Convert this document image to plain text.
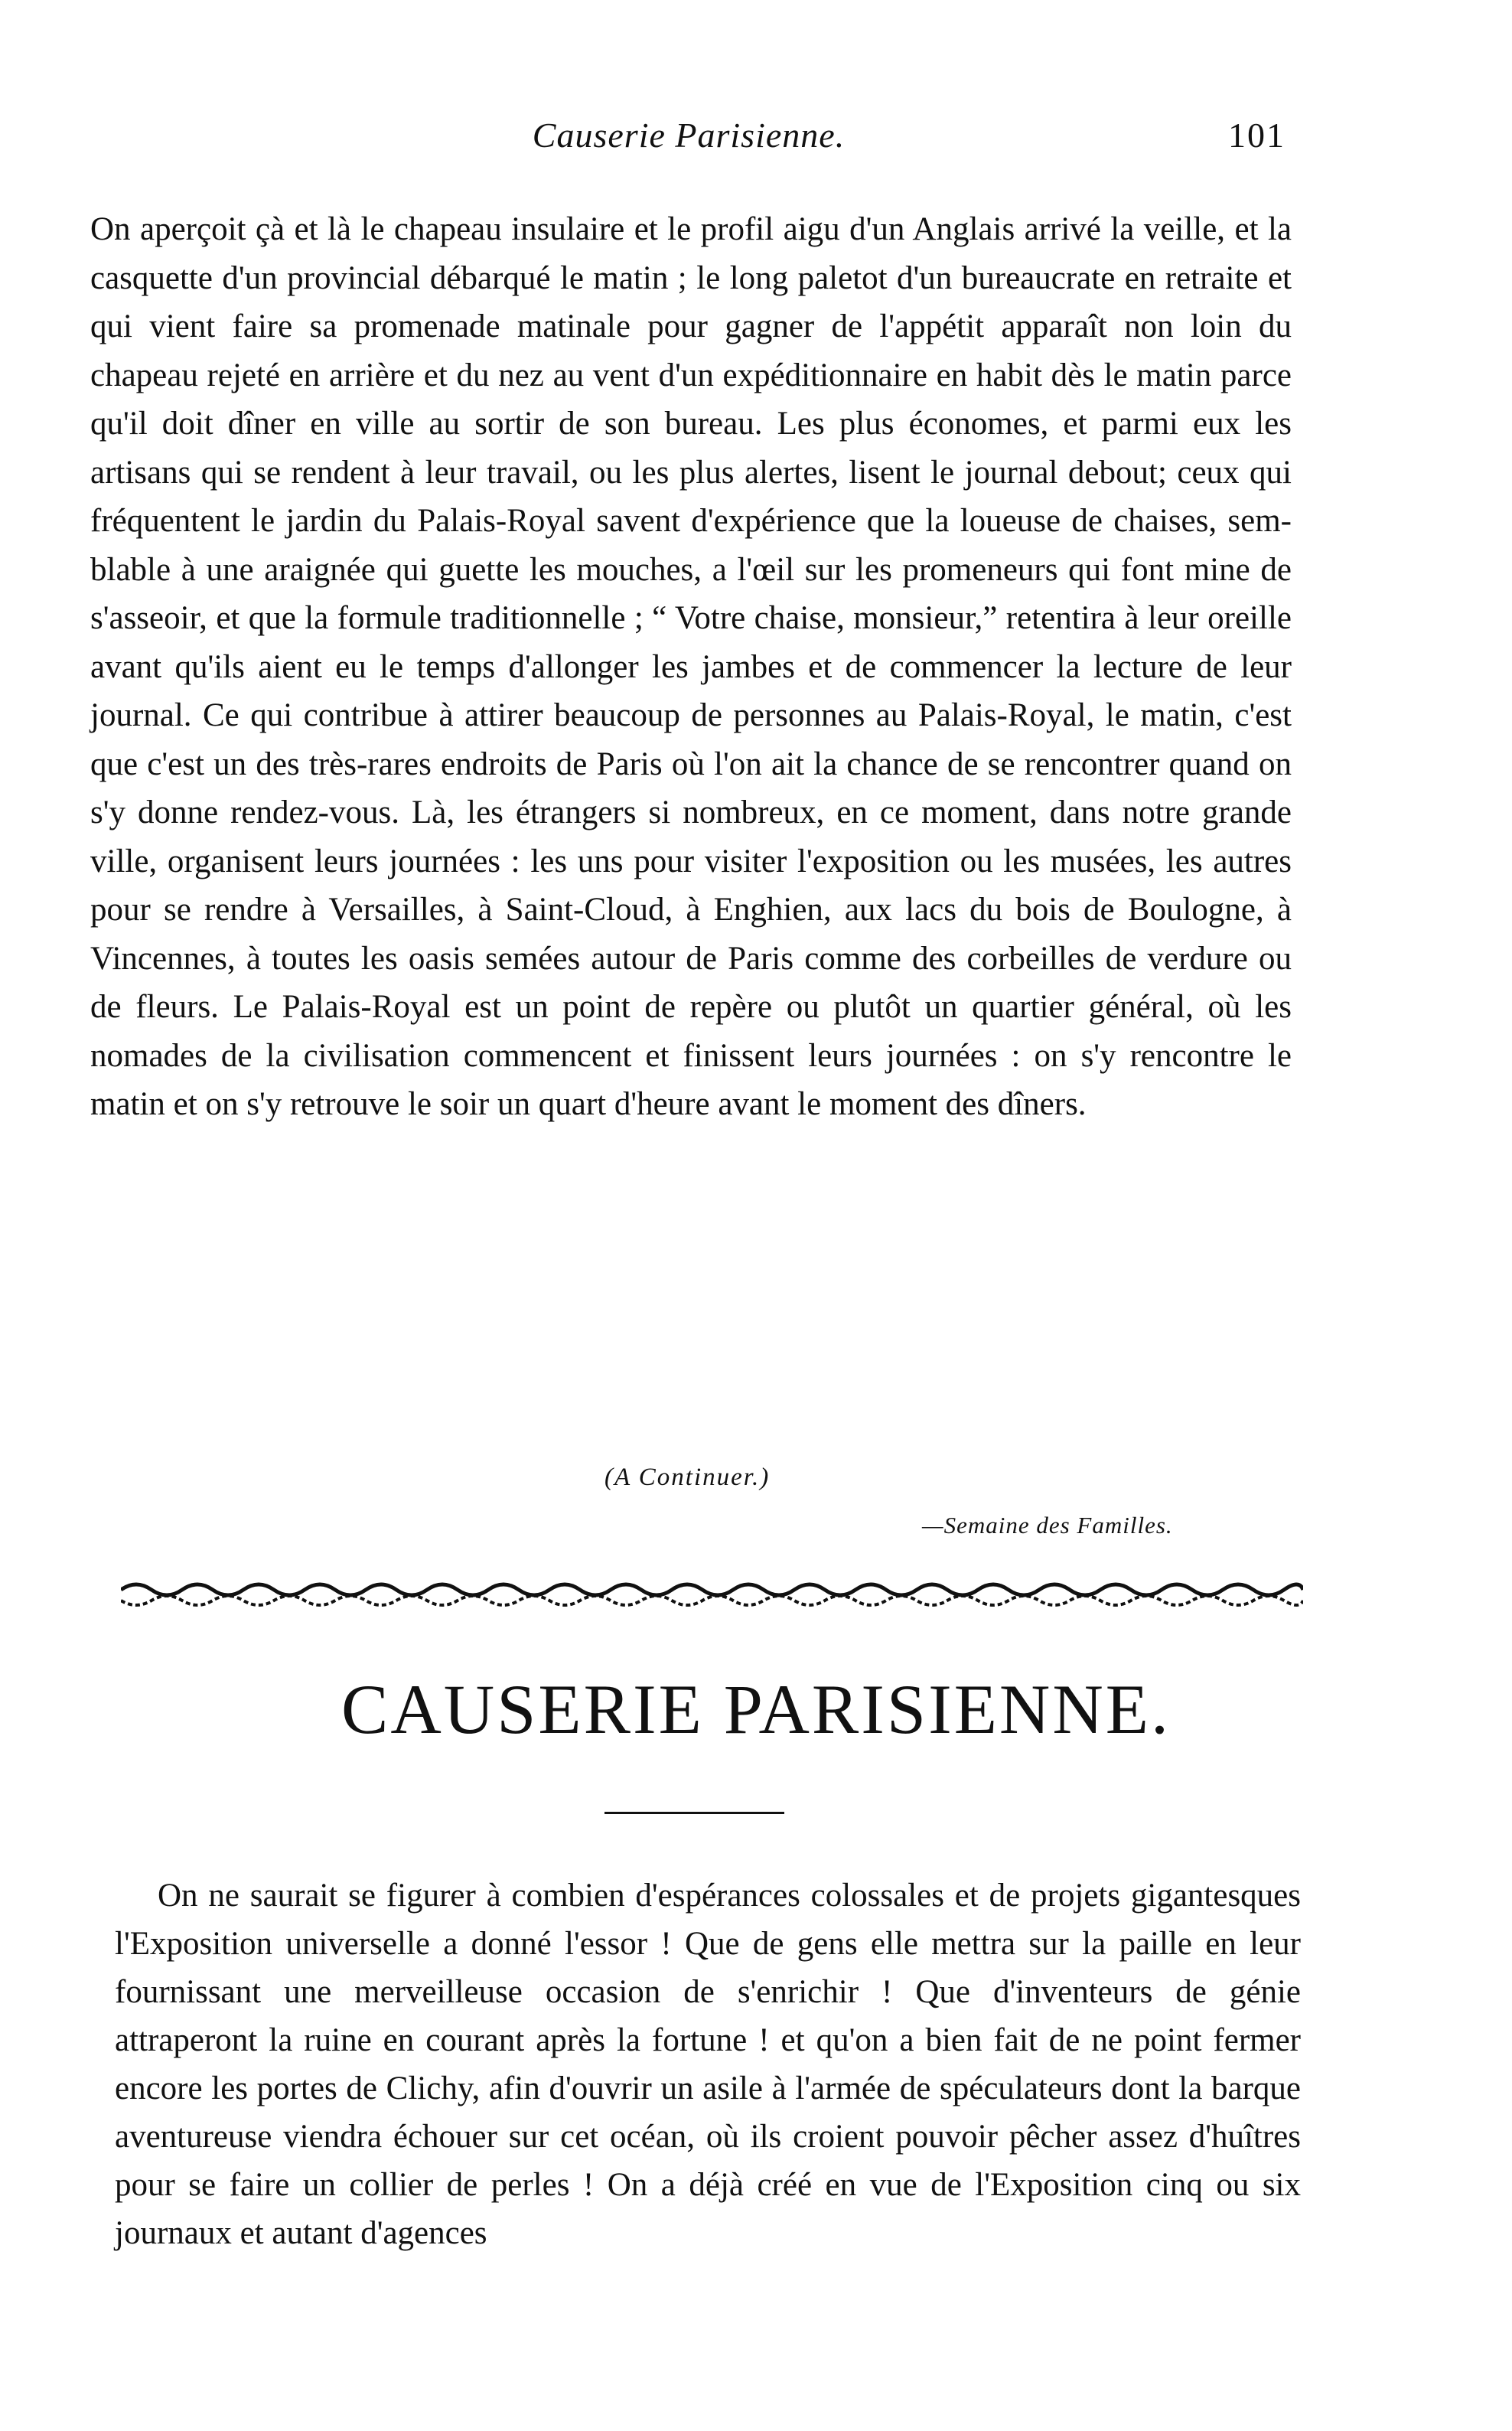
Causerie Parisienne.	101

On aperçoit çà et là le chapeau insulaire et le profil aigu d'un Anglais arrivé la veille, et la casquette d'un provincial débarqué le matin ; le long paletot d'un bureaucrate en retraite et qui vient faire sa promenade matinale pour gagner de l'appétit apparaît non loin du chapeau rejeté en arrière et du nez au vent d'un expéditionnaire en habit dès le matin parce qu'il doit dîner en ville au sortir de son bureau. Les plus économes, et parmi eux les artisans qui se rendent à leur travail, ou les plus alertes, lisent le journal debout; ceux qui fréquentent le jardin du Palais-Royal savent d'expérience que la loueuse de chaises, semblable à une araignée qui guette les mouches, a l'œil sur les promeneurs qui font mine de s'asseoir, et que la formule traditionnelle ; “ Votre chaise, monsieur,” retentira à leur oreille avant qu'ils aient eu le temps d'allonger les jambes et de commencer la lecture de leur journal. Ce qui contribue à attirer beaucoup de personnes au Palais-Royal, le matin, c'est que c'est un des très-rares endroits de Paris où l'on ait la chance de se rencontrer quand on s'y donne rendez-vous. Là, les étrangers si nombreux, en ce moment, dans notre grande ville, organisent leurs journées : les uns pour visiter l'exposition ou les musées, les autres pour se rendre à Versailles, à Saint-Cloud, à Enghien, aux lacs du bois de Boulogne, à Vincennes, à toutes les oasis semées autour de Paris comme des corbeilles de verdure ou de fleurs. Le Palais-Royal est un point de repère ou plutôt un quartier général, où les nomades de la civilisation commencent et finissent leurs journées : on s'y rencontre le matin et on s'y retrouve le soir un quart d'heure avant le moment des dîners.

(A Continuer.)
—Semaine des Familles.
CAUSERIE PARISIENNE.

On ne saurait se figurer à combien d'espérances colossales et de projets gigantesques l'Exposition universelle a donné l'essor ! Que de gens elle mettra sur la paille en leur fournissant une merveilleuse occasion de s'enrichir ! Que d'inventeurs de génie attraperont la ruine en courant après la fortune ! et qu'on a bien fait de ne point fermer encore les portes de Clichy, afin d'ouvrir un asile à l'armée de spéculateurs dont la barque aventureuse viendra échouer sur cet océan, où ils croient pouvoir pêcher assez d'huîtres pour se faire un collier de perles ! On a déjà créé en vue de l'Exposition cinq ou six journaux et autant d'agences
